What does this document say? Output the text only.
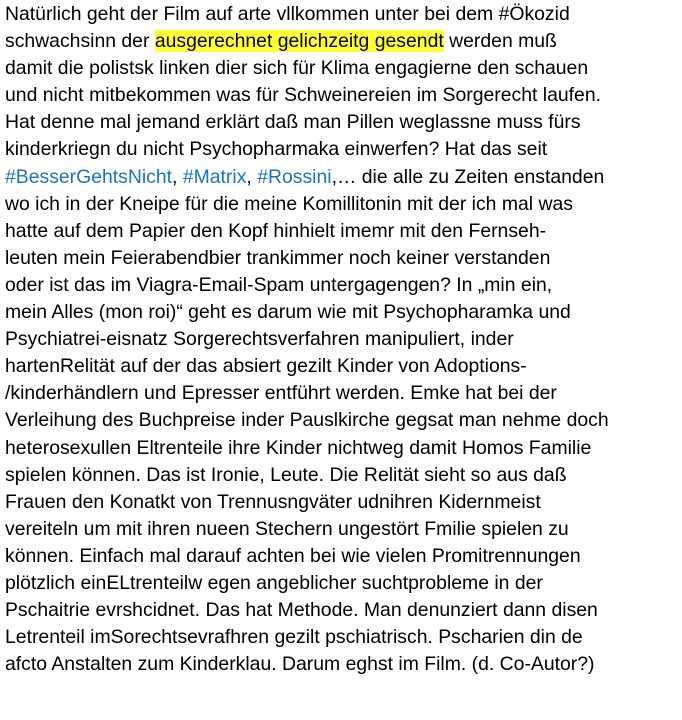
Natürlich geht der Film auf arte vllkommen unter bei dem #Ökozid
schwachsinn der ausgerechnet gelichzeitg gesendt werden muß
damit die polistsk linken dier sich für Klima engagierne den schauen
und nicht mitbekommen was für Schweinereien im Sorgerecht laufen.
Hat denne mal jemand erklärt daß man Pillen weglassne muss fürs
kinderkriegn du nicht Psychopharmaka einwerfen? Hat das seit
#BesserGehtsNicht, #Matrix, #Rossini,… die alle zu Zeiten enstanden
wo ich in der Kneipe für die meine Komillitonin mit der ich mal was
hatte auf dem Papier den Kopf hinhielt imemr mit den Fernseh-
leuten mein Feierabendbier trankimmer noch keiner verstanden
oder ist das im Viagra-Email-Spam untergagengen? In „min ein,
mein Alles (mon roi)“ geht es darum wie mit Psychopharamka und
Psychiatrei-eisnatz Sorgerechtsverfahren manipuliert, inder
hartenRelität auf der das absiert gezilt Kinder von Adoptions-
/kinderhändlern und Epresser entführt werden. Emke hat bei der
Verleihung des Buchpreise inder Pauslkirche gegsat man nehme doch
heterosexullen Eltrenteile ihre Kinder nichtweg damit Homos Familie
spielen können. Das ist Ironie, Leute. Die Relität sieht so aus daß
Frauen den Konatkt von Trennusngväter udnihren Kidernmeist
vereiteln um mit ihren nueen Stechern ungestört Fmilie spielen zu
können. Einfach mal darauf achten bei wie vielen Promitrennungen
plötzlich einELtrenteilw egen angeblicher suchtprobleme in der
Pschaitrie evrshcidnet. Das hat Methode. Man denunziert dann disen
Letrenteil imSorechtsevrafhren gezilt pschiatrisch. Pscharien din de
afcto Anstalten zum Kinderklau. Darum eghst im Film. (d. Co-Autor?)
